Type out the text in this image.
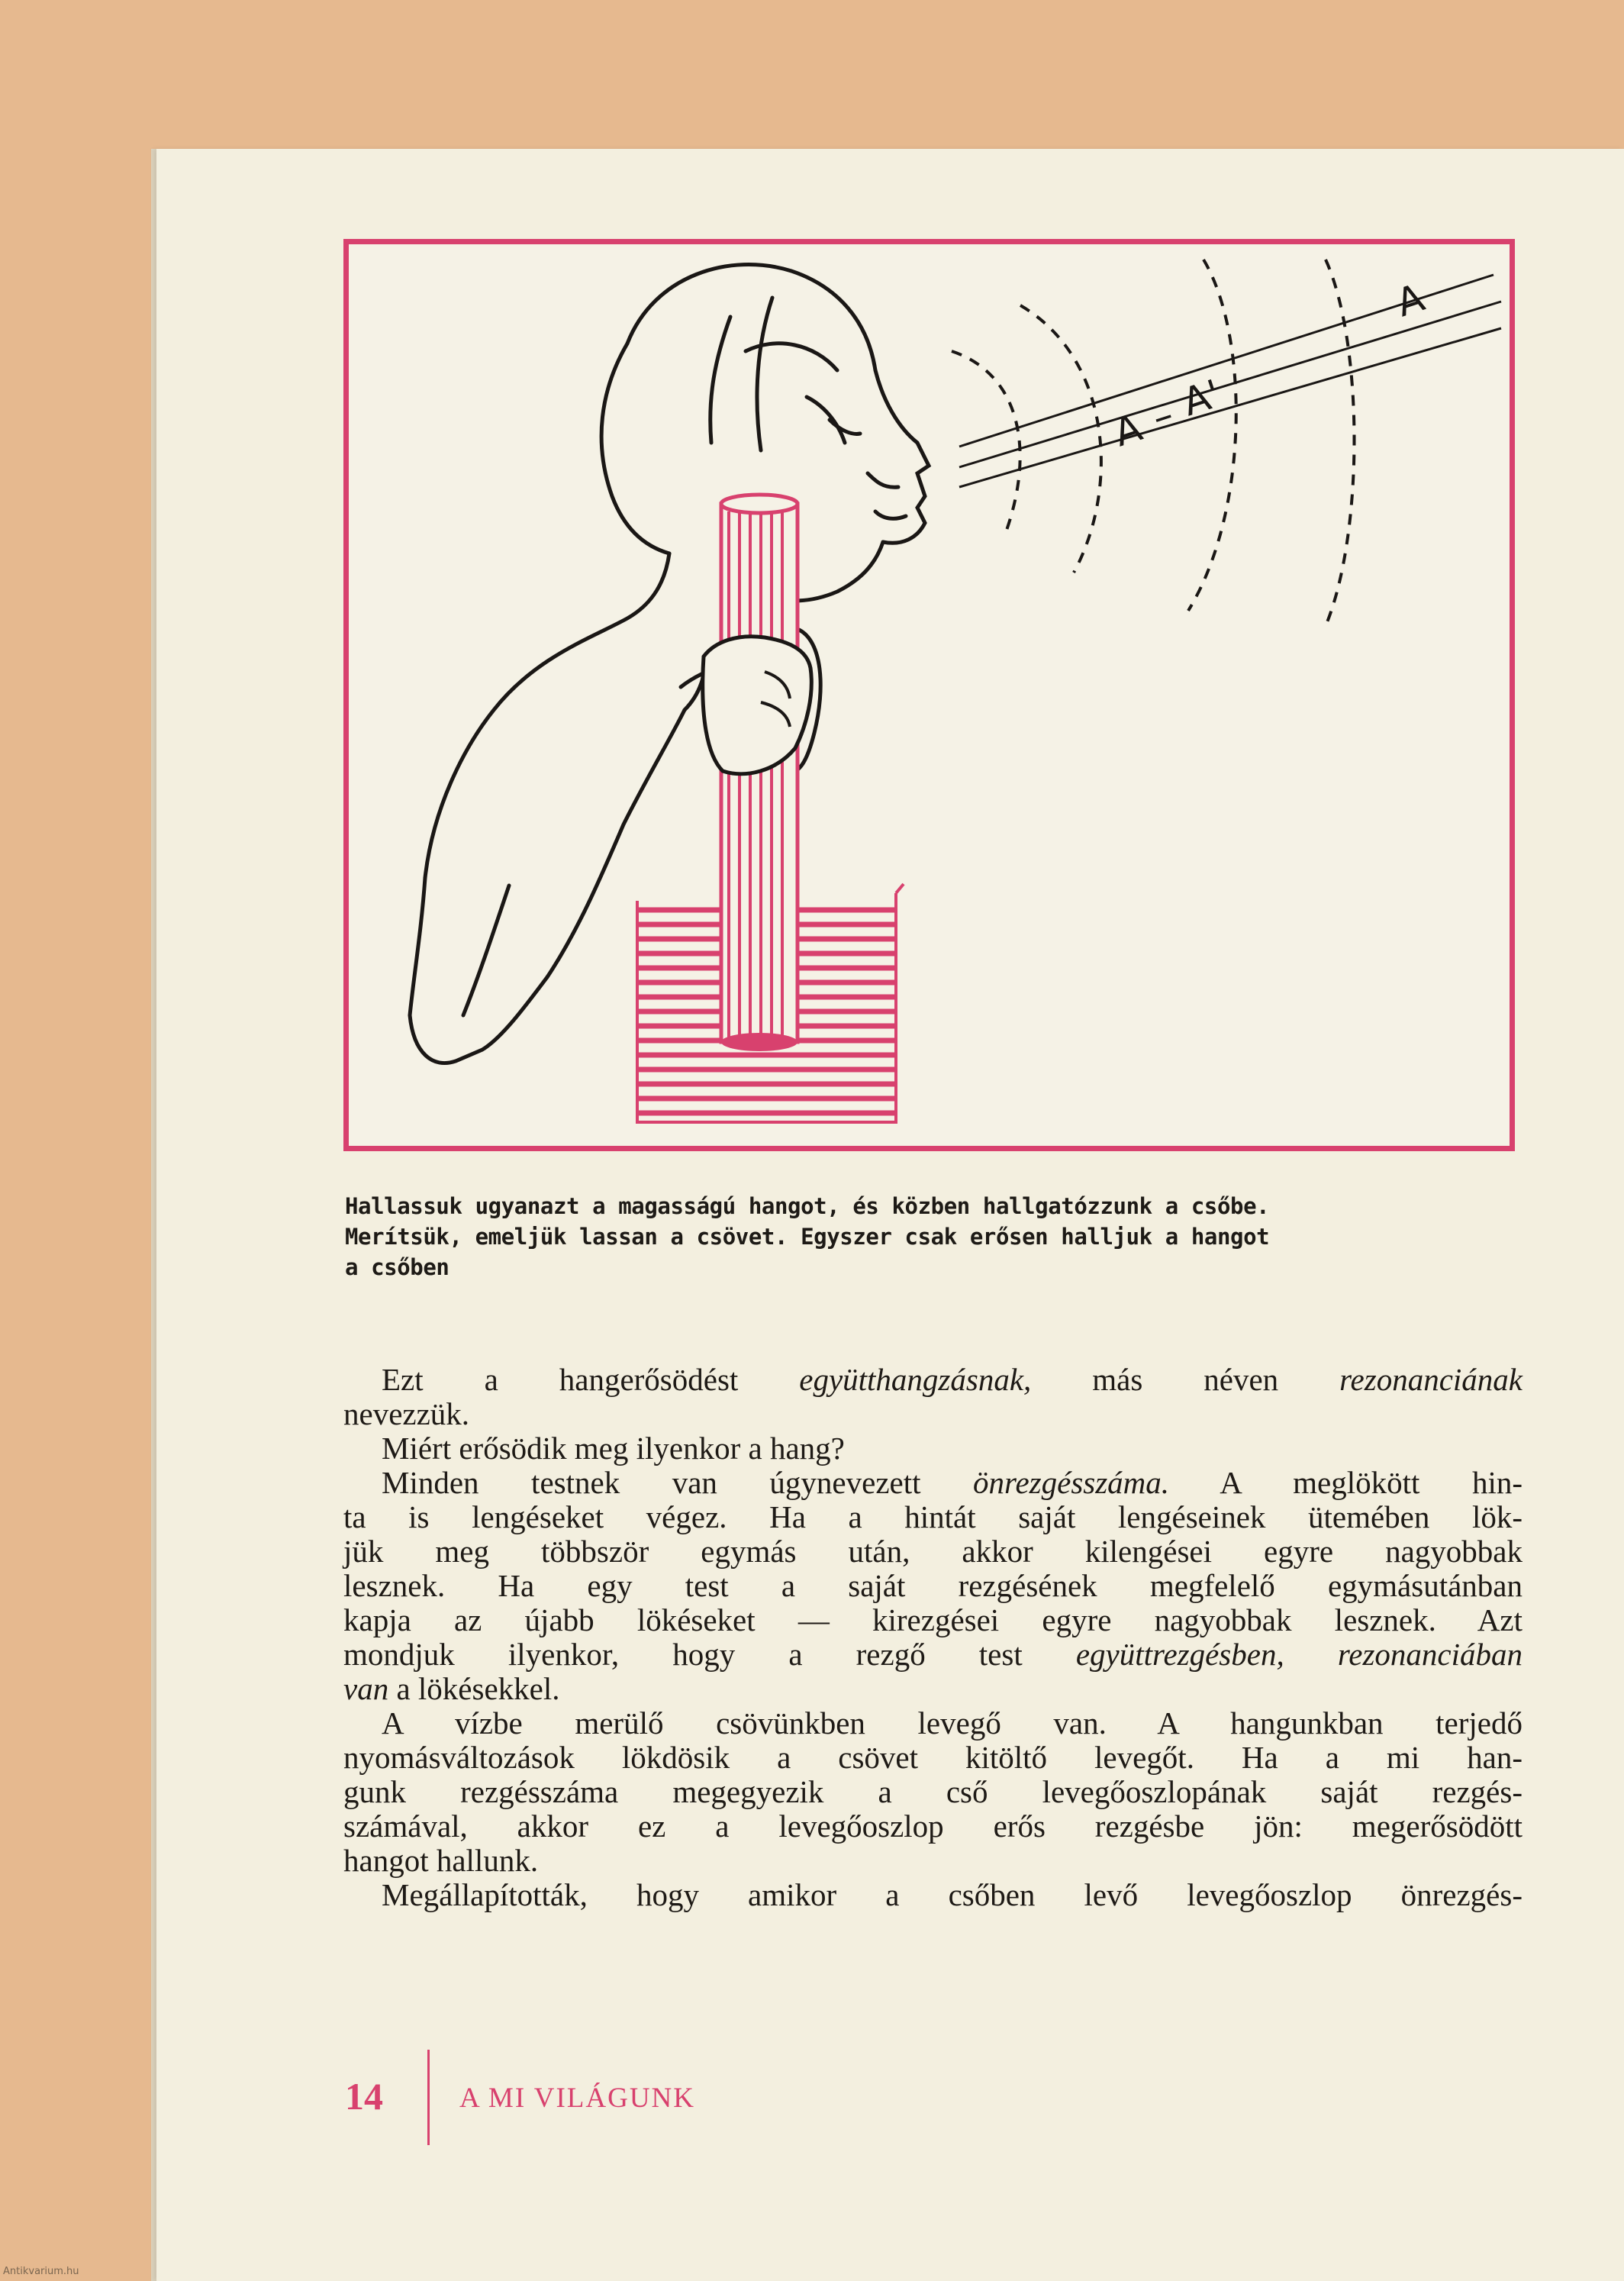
A –
A'
A
Hallassuk ugyanazt a magasságú hangot, és közben hallgatózzunk a csőbe.
Merítsük, emeljük lassan a csövet. Egyszer csak erősen halljuk a hangot
a csőben
Ezt a hangerősödést együtthangzásnak, más néven rezonanciának
nevezzük.
Miért erősödik meg ilyenkor a hang?
Minden testnek van úgynevezett önrezgésszáma. A meglökött hin-
ta is lengéseket végez. Ha a hintát saját lengéseinek ütemében lök-
jük meg többször egymás után, akkor kilengései egyre nagyobbak
lesznek. Ha egy test a saját rezgésének megfelelő egymásutánban
kapja az újabb lökéseket — kirezgései egyre nagyobbak lesznek. Azt
mondjuk ilyenkor, hogy a rezgő test együttrezgésben, rezonanciában
van a lökésekkel.
A vízbe merülő csövünkben levegő van. A hangunkban terjedő
nyomásváltozások lökdösik a csövet kitöltő levegőt. Ha a mi han-
gunk rezgésszáma megegyezik a cső levegőoszlopának saját rezgés-
számával, akkor ez a levegőoszlop erős rezgésbe jön: megerősödött
hangot hallunk.
Megállapították, hogy amikor a csőben levő levegőoszlop önrezgés-
14	A MI VILÁGUNK
Antikvarium.hu
